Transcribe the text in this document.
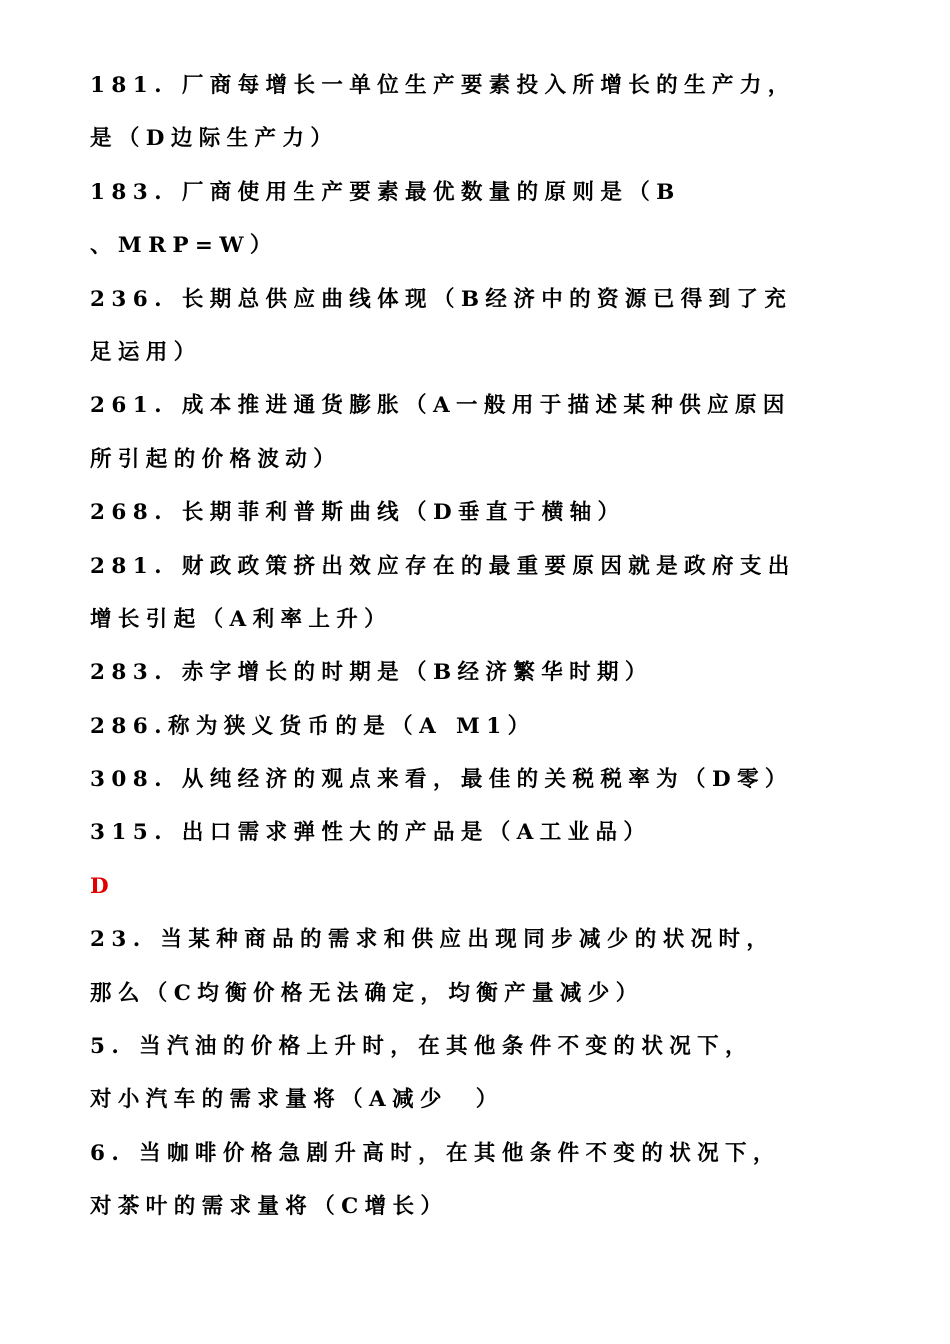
181. 厂商每增长一单位生产要素投入所增长的生产力，
是（D边际生产力）
183. 厂商使用生产要素最优数量的原则是（B
、MRP=W）
236. 长期总供应曲线体现（B经济中的资源已得到了充
足运用）
261. 成本推进通货膨胀（A一般用于描述某种供应原因
所引起的价格波动）
268. 长期菲利普斯曲线（D垂直于横轴）
281. 财政政策挤出效应存在的最重要原因就是政府支出
增长引起（A利率上升）
283. 赤字增长的时期是（B经济繁华时期）
286.称为狭义货币的是（A M1）
308. 从纯经济的观点来看，最佳的关税税率为（D零）
315. 出口需求弹性大的产品是（A工业品）
D
23. 当某种商品的需求和供应出现同步减少的状况时，
那么（C均衡价格无法确定，均衡产量减少）
5. 当汽油的价格上升时，在其他条件不变的状况下，
对小汽车的需求量将（A减少　）
6. 当咖啡价格急剧升高时，在其他条件不变的状况下，
对茶叶的需求量将（C增长）
